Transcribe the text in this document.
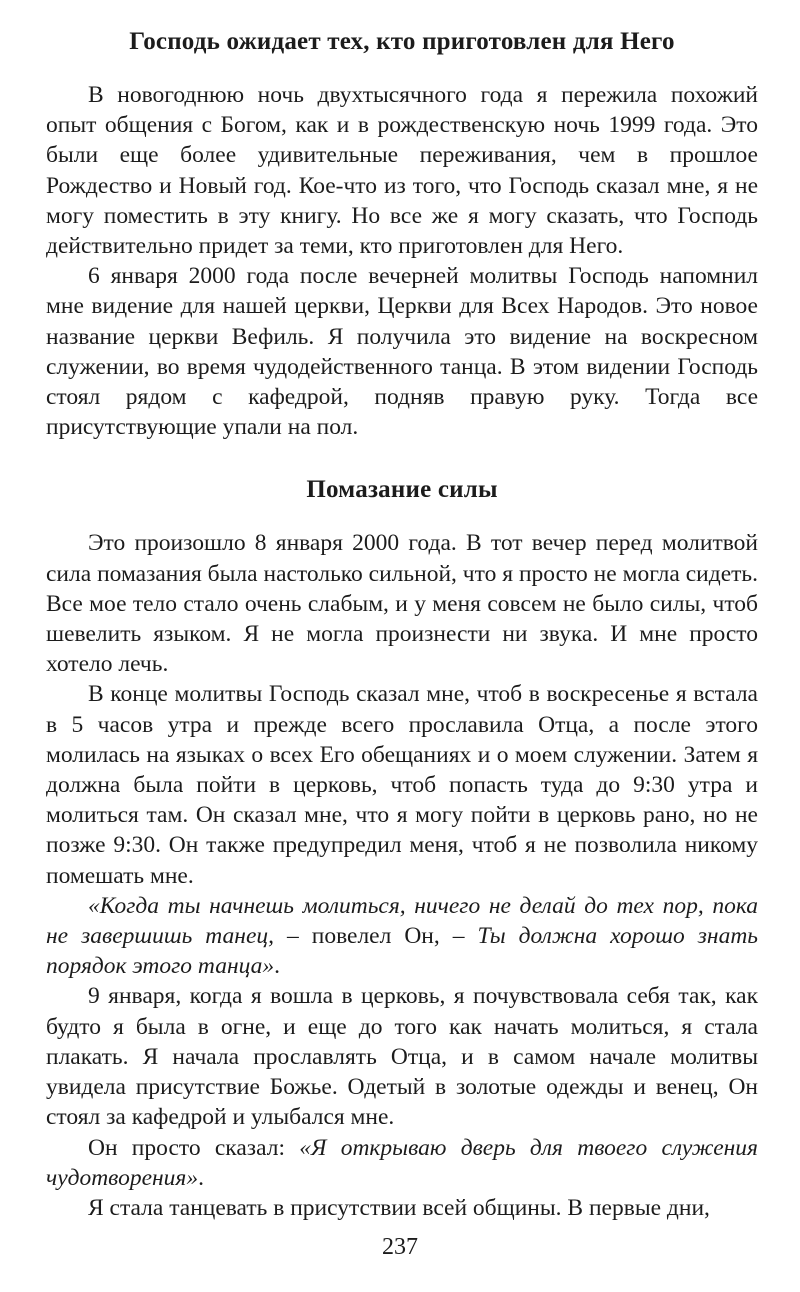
Господь ожидает тех, кто приготовлен для Него

В новогоднюю ночь двухтысячного года я пережила похожий опыт общения с Богом, как и в рождественскую ночь 1999 года. Это были еще более удивительные переживания, чем в прошлое Рождество и Новый год. Кое-что из того, что Господь сказал мне, я не могу поместить в эту книгу. Но все же я могу сказать, что Господь действительно придет за теми, кто приготовлен для Него.

6 января 2000 года после вечерней молитвы Господь напомнил мне видение для нашей церкви, Церкви для Всех Народов. Это новое название церкви Вефиль. Я получила это видение на воскресном служении, во время чудодейственного танца. В этом видении Господь стоял рядом с кафедрой, подняв правую руку. Тогда все присутствующие упали на пол.

Помазание силы

Это произошло 8 января 2000 года. В тот вечер перед молитвой сила помазания была настолько сильной, что я просто не могла сидеть. Все мое тело стало очень слабым, и у меня совсем не было силы, чтоб шевелить языком. Я не могла произнести ни звука. И мне просто хотело лечь.

В конце молитвы Господь сказал мне, чтоб в воскресенье я встала в 5 часов утра и прежде всего прославила Отца, а после этого молилась на языках о всех Его обещаниях и о моем служении. Затем я должна была пойти в церковь, чтоб попасть туда до 9:30 утра и молиться там. Он сказал мне, что я могу пойти в церковь рано, но не позже 9:30. Он также предупредил меня, чтоб я не позволила никому помешать мне.

«Когда ты начнешь молиться, ничего не делай до тех пор, пока не завершишь танец, – повелел Он, – Ты должна хорошо знать порядок этого танца».

9 января, когда я вошла в церковь, я почувствовала себя так, как будто я была в огне, и еще до того как начать молиться, я стала плакать. Я начала прославлять Отца, и в самом начале молитвы увидела присутствие Божье. Одетый в золотые одежды и венец, Он стоял за кафедрой и улыбался мне.

Он просто сказал: «Я открываю дверь для твоего служения чудотворения».

Я стала танцевать в присутствии всей общины. В первые дни,

237
